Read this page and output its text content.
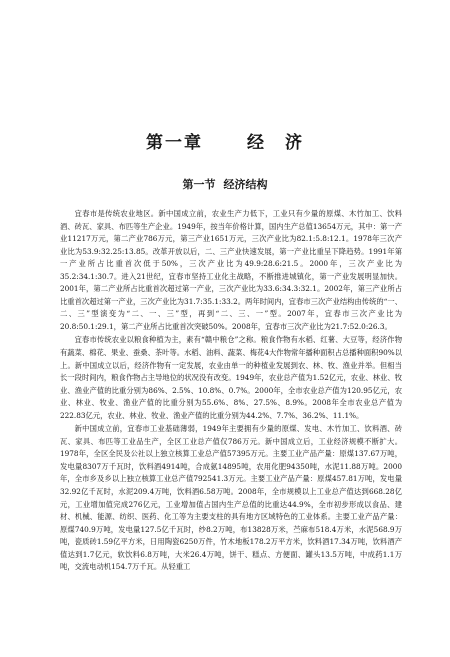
第一章	经　济
第一节 经济结构

宜春市是传统农业地区。新中国成立前，农业生产力低下，工业只有少量的原煤、木竹加工、饮料酒、砖瓦、家具、布匹等生产企业。1949年，按当年价格计算，国内生产总值13654万元，其中：第一产业11217万元，第二产业786万元，第三产业1651万元，三次产业比为82.1:5.8:12.1。1978年三次产业比为53.9:32.25:13.85。改革开放以后，二、三产业快速发展，第一产业比重呈下降趋势。1991年第一产业所占比重首次低于50%，三次产业比为49.9:28.6:21.5。2000年，三次产业比为35.2:34.1:30.7。进入21世纪，宜春市坚持工业化主战略，不断推进城镇化，第一产业发展明显加快。2001年，第二产业所占比重首次超过第一产业，三次产业比为33.6:34.3:32.1。2002年，第三产业所占比重首次超过第一产业，三次产业比为31.7:35.1:33.2。两年时间内，宜春市三次产业结构由传统的“一、二、三”型演变为“二、一、三”型，再到“二、三、一”型。2007年，宜春市三次产业比为20.8:50.1:29.1，第二产业所占比重首次突破50%。2008年，宜春市三次产业比为21.7:52.0:26.3。

宜春市传统农业以粮食种植为主，素有“赣中粮仓”之称。粮食作物有水稻、红薯、大豆等，经济作物有蔬菜、棉花、果业、蚕桑、茶叶等。水稻、油料、蔬菜、梅花4大作物常年播种面积占总播种面积90%以上。新中国成立以后，经济作物有一定发展，农业由单一的种植业发展到农、林、牧、渔业并举。但相当长一段时间内，粮食作物占主导地位的状况没有改变。1949年，农业总产值为1.52亿元，农业、林业、牧业、渔业产值的比重分别为86%、2.5%、10.8%、0.7%。2000年，全市农业总产值为120.95亿元，农业、林业、牧业、渔业产值的比重分别为55.6%、8%、27.5%、8.9%。2008年全市农业总产值为222.83亿元，农业、林业、牧业、渔业产值的比重分别为44.2%、7.7%、36.2%、11.1%。

新中国成立前，宜春市工业基础薄弱，1949年主要拥有少量的原煤、发电、木竹加工、饮料酒、砖瓦、家具、布匹等工业品生产，全区工业总产值仅786万元。新中国成立后，工业经济规模不断扩大。1978年，全区全民及公社以上独立核算工业总产值57395万元。主要工业产品产量：原煤137.67万吨，发电量8307万千瓦时，饮料酒4914吨，合成氨14895吨，农用化肥94350吨，水泥11.88万吨。2000年，全市乡及乡以上独立核算工业总产值792541.3万元。主要工业产品产量：原煤457.81万吨，发电量32.92亿千瓦时，水泥209.4万吨，饮料酒6.58万吨。2008年，全市规模以上工业总产值达到668.28亿元，工业增加值完成276亿元，工业增加值占国内生产总值的比重达44.9%，全市初步形成以食品、建材、机械、能源、纺织、医药、化工等为主要支柱的具有地方区域特色的工业体系。主要工业产品产量：原煤740.9万吨，发电量127.5亿千瓦时，纱8.2万吨，布13828万米，苎麻布518.4万米，水泥568.9万吨，瓷质砖1.59亿平方米，日用陶瓷6250万件，竹木地板178.2万平方米，饮料酒17.34万吨，饮料酒产值达到1.7亿元，软饮料6.8万吨，大米26.4万吨，饼干、糕点、方便面、罐头13.5万吨，中成药1.1万吨，交流电动机154.7万千瓦。从轻重工
